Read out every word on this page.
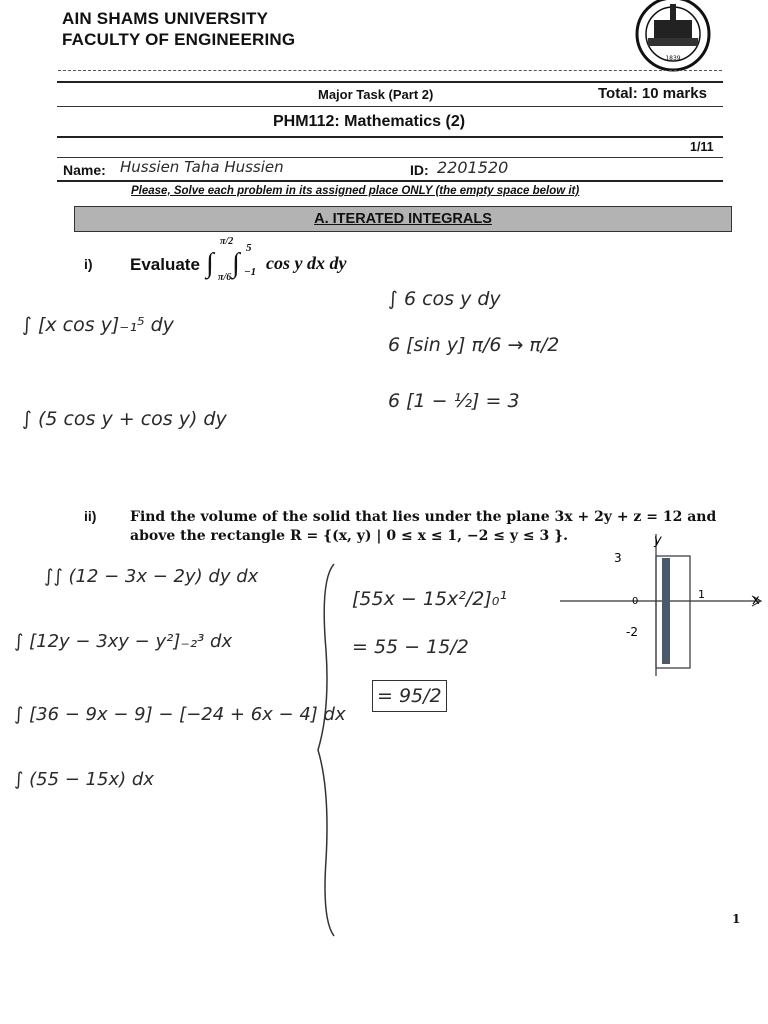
AIN SHAMS UNIVERSITY
FACULTY OF ENGINEERING
1839
Major Task (Part 2)	Total: 10 marks
PHM112: Mathematics (2)
1/11
Name: Hussien Taha Hussien	ID: 2201520
Please, Solve each problem in its assigned place ONLY (the empty space below it)
A. ITERATED INTEGRALS
i) Evaluate ∫
π/2
π/6 ∫ 5
−1 cos y dx dy
∫ [x cos y]₋₁⁵ dy
∫ (5 cos y + cos y) dy
∫ 6 cos y dy
6 [sin y] π/6 → π/2
6 [1 − ½] = 3
ii) Find the volume of the solid that lies under the plane 3x + 2y + z = 12 and
above the rectangle R = {(x, y) | 0 ≤ x ≤ 1, −2 ≤ y ≤ 3 }.
∫∫ (12 − 3x − 2y) dy dx
∫ [12y − 3xy − y²]₋₂³ dx
∫ [36 − 9x − 9] − [−24 + 6x − 4] dx
∫ (55 − 15x) dx
[55x − 15x²/2]₀¹
= 55 − 15/2
= 95/2
y
x
3
0
-2
1
1
